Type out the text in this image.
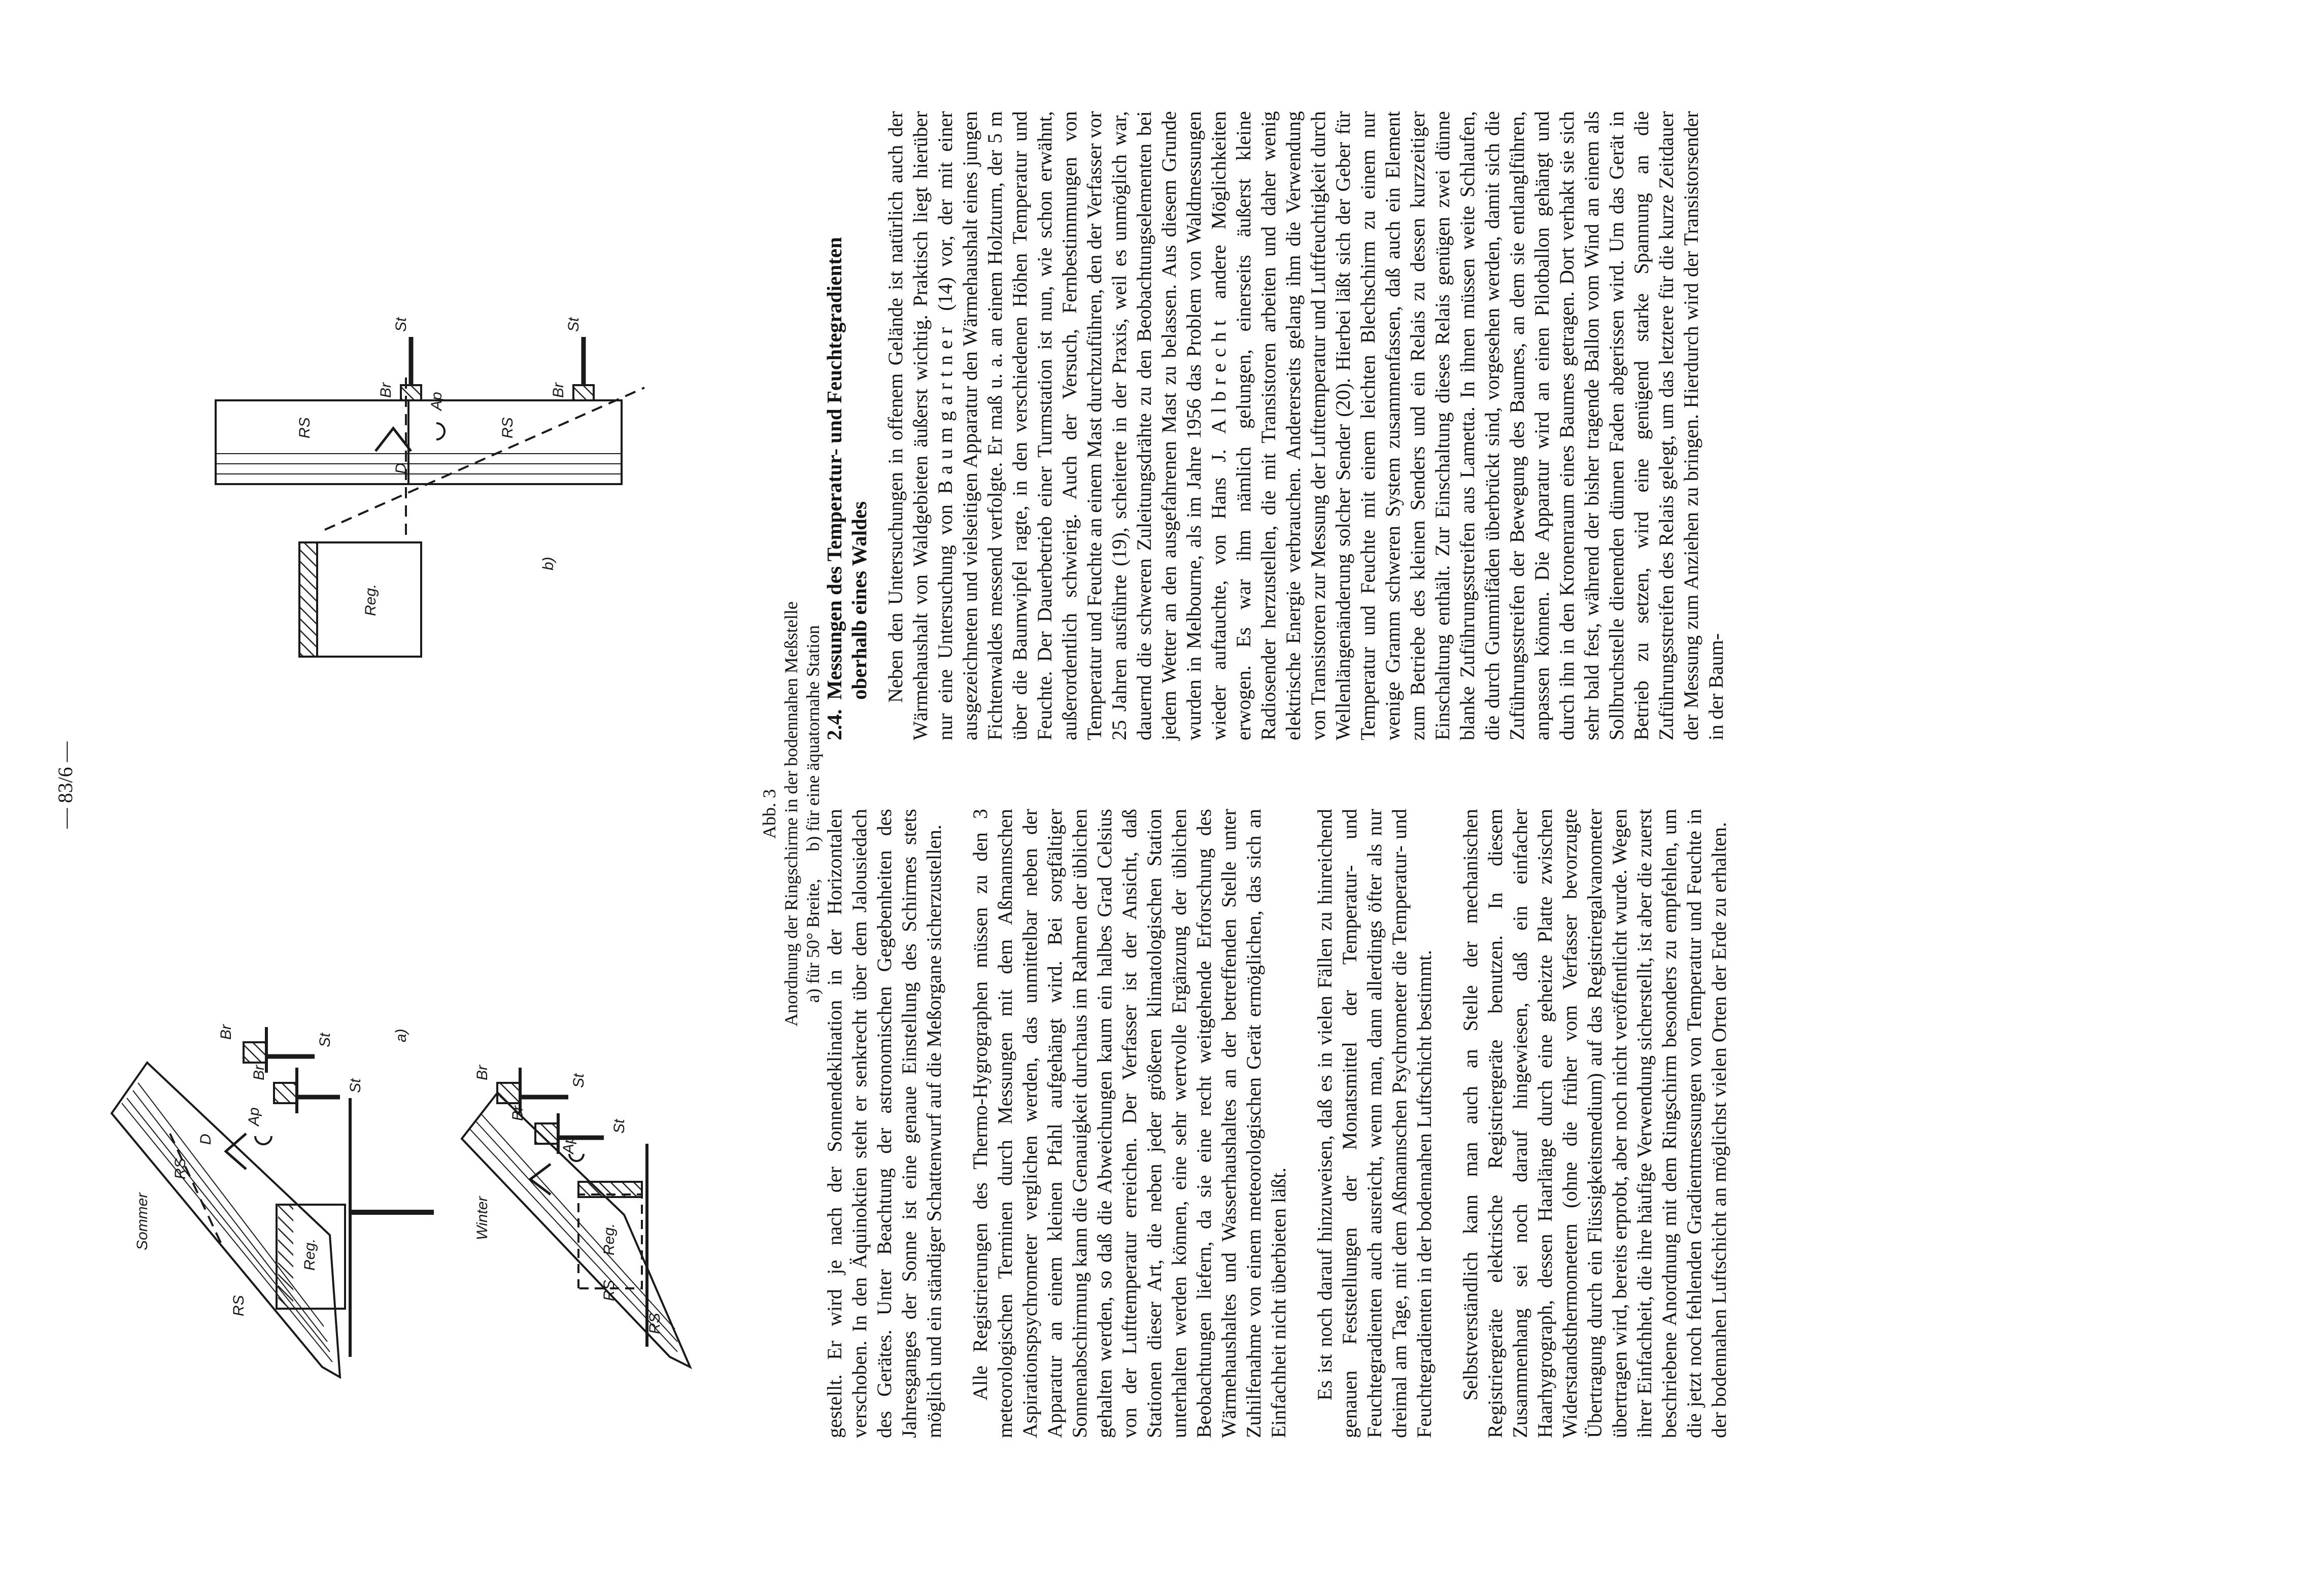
— 83/6 —
Sommer
Reg.
RS
RS
D
Ap
Br
Br
St
St	a)
Winter
RS
RS
Reg.
Ap
Br
Br
St
St
Reg.
RS	RS
D
Ap
Br	Br
St	St
b)
Abb. 3 Anordnung der Ringschirme in der bodennahen Meßstelle a) für 50° Breite,      b) für eine äquatornahe Station gestellt. Er wird je nach der Sonnendeklination in der Horizontalen verschoben. In den Äquinoktien steht er senkrecht über dem Jalousiedach des Gerätes. Unter Beachtung der astronomischen Gegebenheiten des Jahresganges der Sonne ist eine genaue Einstellung des Schirmes stets möglich und ein ständiger Schattenwurf auf die Meßorgane sicherzustellen. Alle Registrierungen des Thermo-Hygrographen müssen zu den 3 meteorologischen Terminen durch Messungen mit dem Aßmannschen Aspirationspsychrometer verglichen werden, das unmittelbar neben der Apparatur an einem kleinen Pfahl aufgehängt wird. Bei sorgfältiger Sonnenabschirmung kann die Genauigkeit durchaus im Rahmen der üblichen gehalten werden, so daß die Abweichungen kaum ein halbes Grad Celsius von der Lufttemperatur erreichen. Der Verfasser ist der Ansicht, daß Stationen dieser Art, die neben jeder größeren klimatologischen Station unterhalten werden können, eine sehr wertvolle Ergänzung der üblichen Beobachtungen liefern, da sie eine recht weitgehende Erforschung des Wärmehaushaltes und Wasserhaushaltes an der betreffenden Stelle unter Zuhilfenahme von einem meteorologischen Gerät ermöglichen, das sich an Einfachheit nicht überbieten läßt. Es ist noch darauf hinzuweisen, daß es in vielen Fällen zu hinreichend genauen Feststellungen der Monatsmittel der Temperatur- und Feuchtegradienten auch ausreicht, wenn man, dann allerdings öfter als nur dreimal am Tage, mit dem Aßmannschen Psychrometer die Temperatur- und Feuchtegradienten in der bodennahen Luftschicht bestimmt. Selbstverständlich kann man auch an Stelle der mechanischen Registriergeräte elektrische Registriergeräte benutzen. In diesem Zusammenhang sei noch darauf hingewiesen, daß ein einfacher Haarhygrograph, dessen Haarlänge durch eine geheizte Platte zwischen Widerstandsthermometern (ohne die früher vom Verfasser bevorzugte Übertragung durch ein Flüssigkeitsmedium) auf das Registriergalvanometer übertragen wird, bereits erprobt, aber noch nicht veröffentlicht wurde. Wegen ihrer Einfachheit, die ihre häufige Verwendung sicherstellt, ist aber die zuerst beschriebene Anordnung mit dem Ringschirm besonders zu empfehlen, um die jetzt noch fehlenden Gradientmessungen von Temperatur und Feuchte in der bodennahen Luftschicht an möglichst vielen Orten der Erde zu erhalten.

2.4.Messungen des Temperatur- und Feuchtegradienten oberhalb eines Waldes Neben den Untersuchungen in offenem Gelände ist natürlich auch der Wärmehaushalt von Waldgebieten äußerst wichtig. Praktisch liegt hierüber nur eine Untersuchung von Baumgartner (14) vor, der mit einer ausgezeichneten und vielseitigen Apparatur den Wärmehaushalt eines jungen Fichtenwaldes messend verfolgte. Er maß u. a. an einem Holzturm, der 5 m über die Baumwipfel ragte, in den verschiedenen Höhen Temperatur und Feuchte. Der Dauerbetrieb einer Turmstation ist nun, wie schon erwähnt, außerordentlich schwierig. Auch der Versuch, Fernbestimmungen von Temperatur und Feuchte an einem Mast durchzuführen, den der Verfasser vor 25 Jahren ausführte (19), scheiterte in der Praxis, weil es unmöglich war, dauernd die schweren Zuleitungsdrähte zu den Beobachtungselementen bei jedem Wetter an den ausgefahrenen Mast zu belassen. Aus diesem Grunde wurden in Melbourne, als im Jahre 1956 das Problem von Waldmessungen wieder auftauchte, von Hans J. Albrecht andere Möglichkeiten erwogen. Es war ihm nämlich gelungen, einerseits äußerst kleine Radiosender herzustellen, die mit Transistoren arbeiten und daher wenig elektrische Energie verbrauchen. Andererseits gelang ihm die Verwendung von Transistoren zur Messung der Lufttemperatur und Luftfeuchtigkeit durch Wellenlängenänderung solcher Sender (20). Hierbei läßt sich der Geber für Temperatur und Feuchte mit einem leichten Blechschirm zu einem nur wenige Gramm schweren System zusammenfassen, daß auch ein Element zum Betriebe des kleinen Senders und ein Relais zu dessen kurzzeitiger Einschaltung enthält. Zur Einschaltung dieses Relais genügen zwei dünne blanke Zuführungsstreifen aus Lametta. In ihnen müssen weite Schlaufen, die durch Gummifäden überbrückt sind, vorgesehen werden, damit sich die Zuführungsstreifen der Bewegung des Baumes, an dem sie entlanglführen, anpassen können. Die Apparatur wird an einen Pilotballon gehängt und durch ihn in den Kronenraum eines Baumes getragen. Dort verhakt sie sich sehr bald fest, während der bisher tragende Ballon vom Wind an einem als Sollbruchstelle dienenden dünnen Faden abgerissen wird. Um das Gerät in Betrieb zu setzen, wird eine genügend starke Spannung an die Zuführungsstreifen des Relais gelegt, um das letztere für die kurze Zeitdauer der Messung zum Anziehen zu bringen. Hierdurch wird der Transistorsender in der Baum-
